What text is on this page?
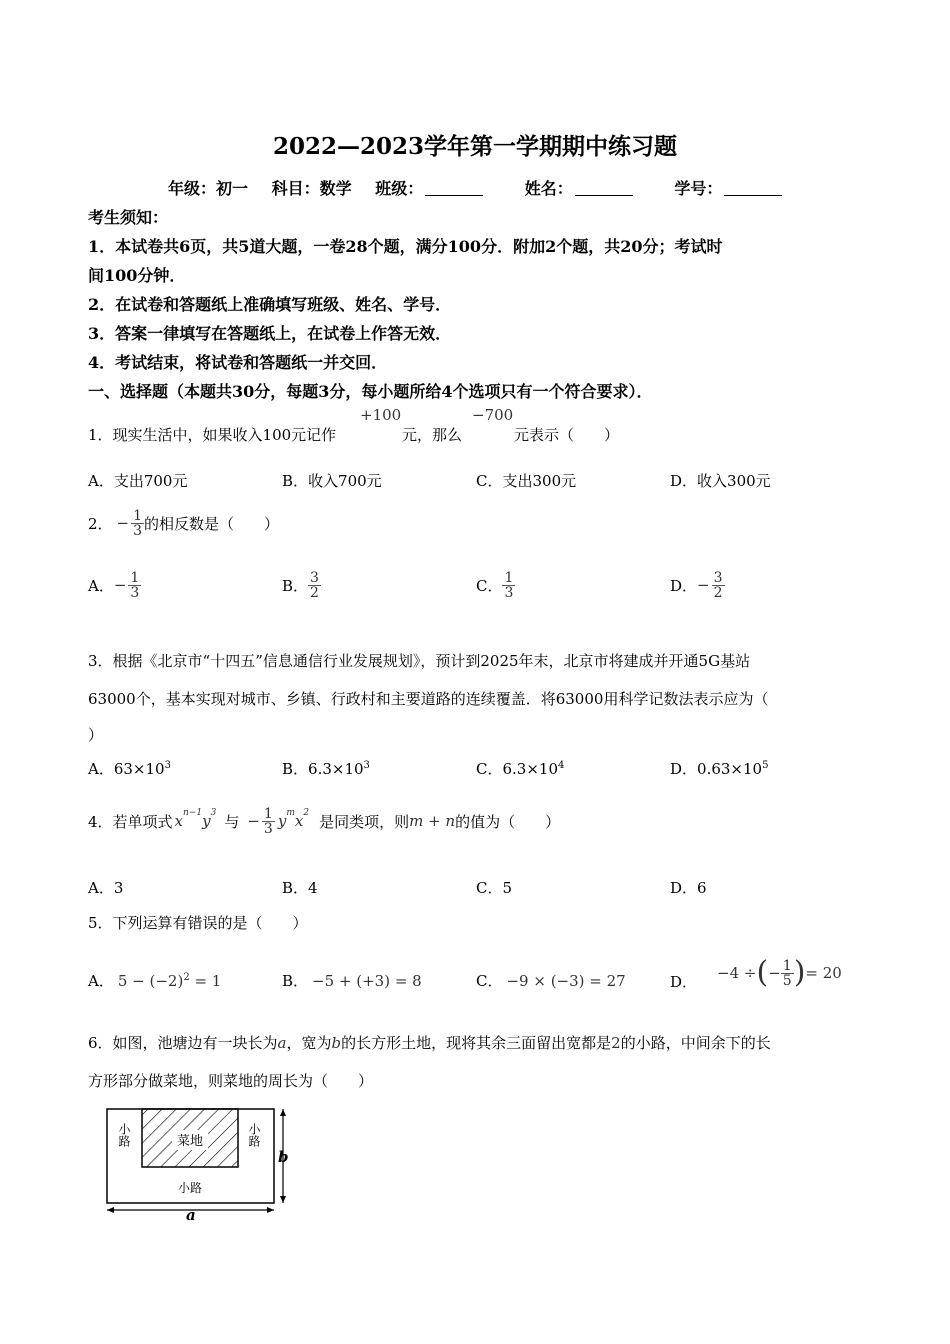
2022—2023学年第一学期期中练习题
年级：初一 科目：数学 班级：	姓名：	学号：
考生须知：
1．本试卷共6页，共5道大题，一卷28个题，满分100分．附加2个题，共20分；考试时
间100分钟．
2．在试卷和答题纸上准确填写班级、姓名、学号．
3．答案一律填写在答题纸上，在试卷上作答无效．
4．考试结束，将试卷和答题纸一并交回．
一、选择题（本题共30分，每题3分，每小题所给4个选项只有一个符合要求）．
1．现实生活中，如果收入100元记作
+100
元，那么
−700
元表示（　　）
A．支出700元	B．收入700元	C．支出300元	D．收入300元
2． − $\frac{1}{3}$ 的相反数是（　　）
A． − $\frac{1}{3}$	B． $\frac{3}{2}$	C． $\frac{1}{3}$	D． − $\frac{3}{2}$
3．根据《北京市“十四五”信息通信行业发展规划》，预计到2025年末，北京市将建成并开通5G基站
63000个，基本实现对城市、乡镇、行政村和主要道路的连续覆盖．将63000用科学记数法表示应为（
）
A．$63\times 10^3$	B．$6.3\times 10^3$	C．$6.3\times 10^4$	D．$0.63\times 10^5$
4．若单项式 $x^{n-1}$ $y^3$ 与 − $\frac{1}{3} y^m$ $x^2$ 是同类项，则 m + n 的值为（　　）
A．3	B．4	C．5	D．6
5．下列运算有错误的是（　　）
A． $5 - (-2)^2 = 1$	B． −5 + (+3) = 8	C． −9 × (−3) = 27	D． −4 ÷ ( − $\frac{1}{5}$ ) = 20
6．如图，池塘边有一块长为a，宽为b的长方形土地，现将其余三面留出宽都是2的小路，中间余下的长
方形部分做菜地，则菜地的周长为（　　）
菜地
小路	小路
小路
b
a
